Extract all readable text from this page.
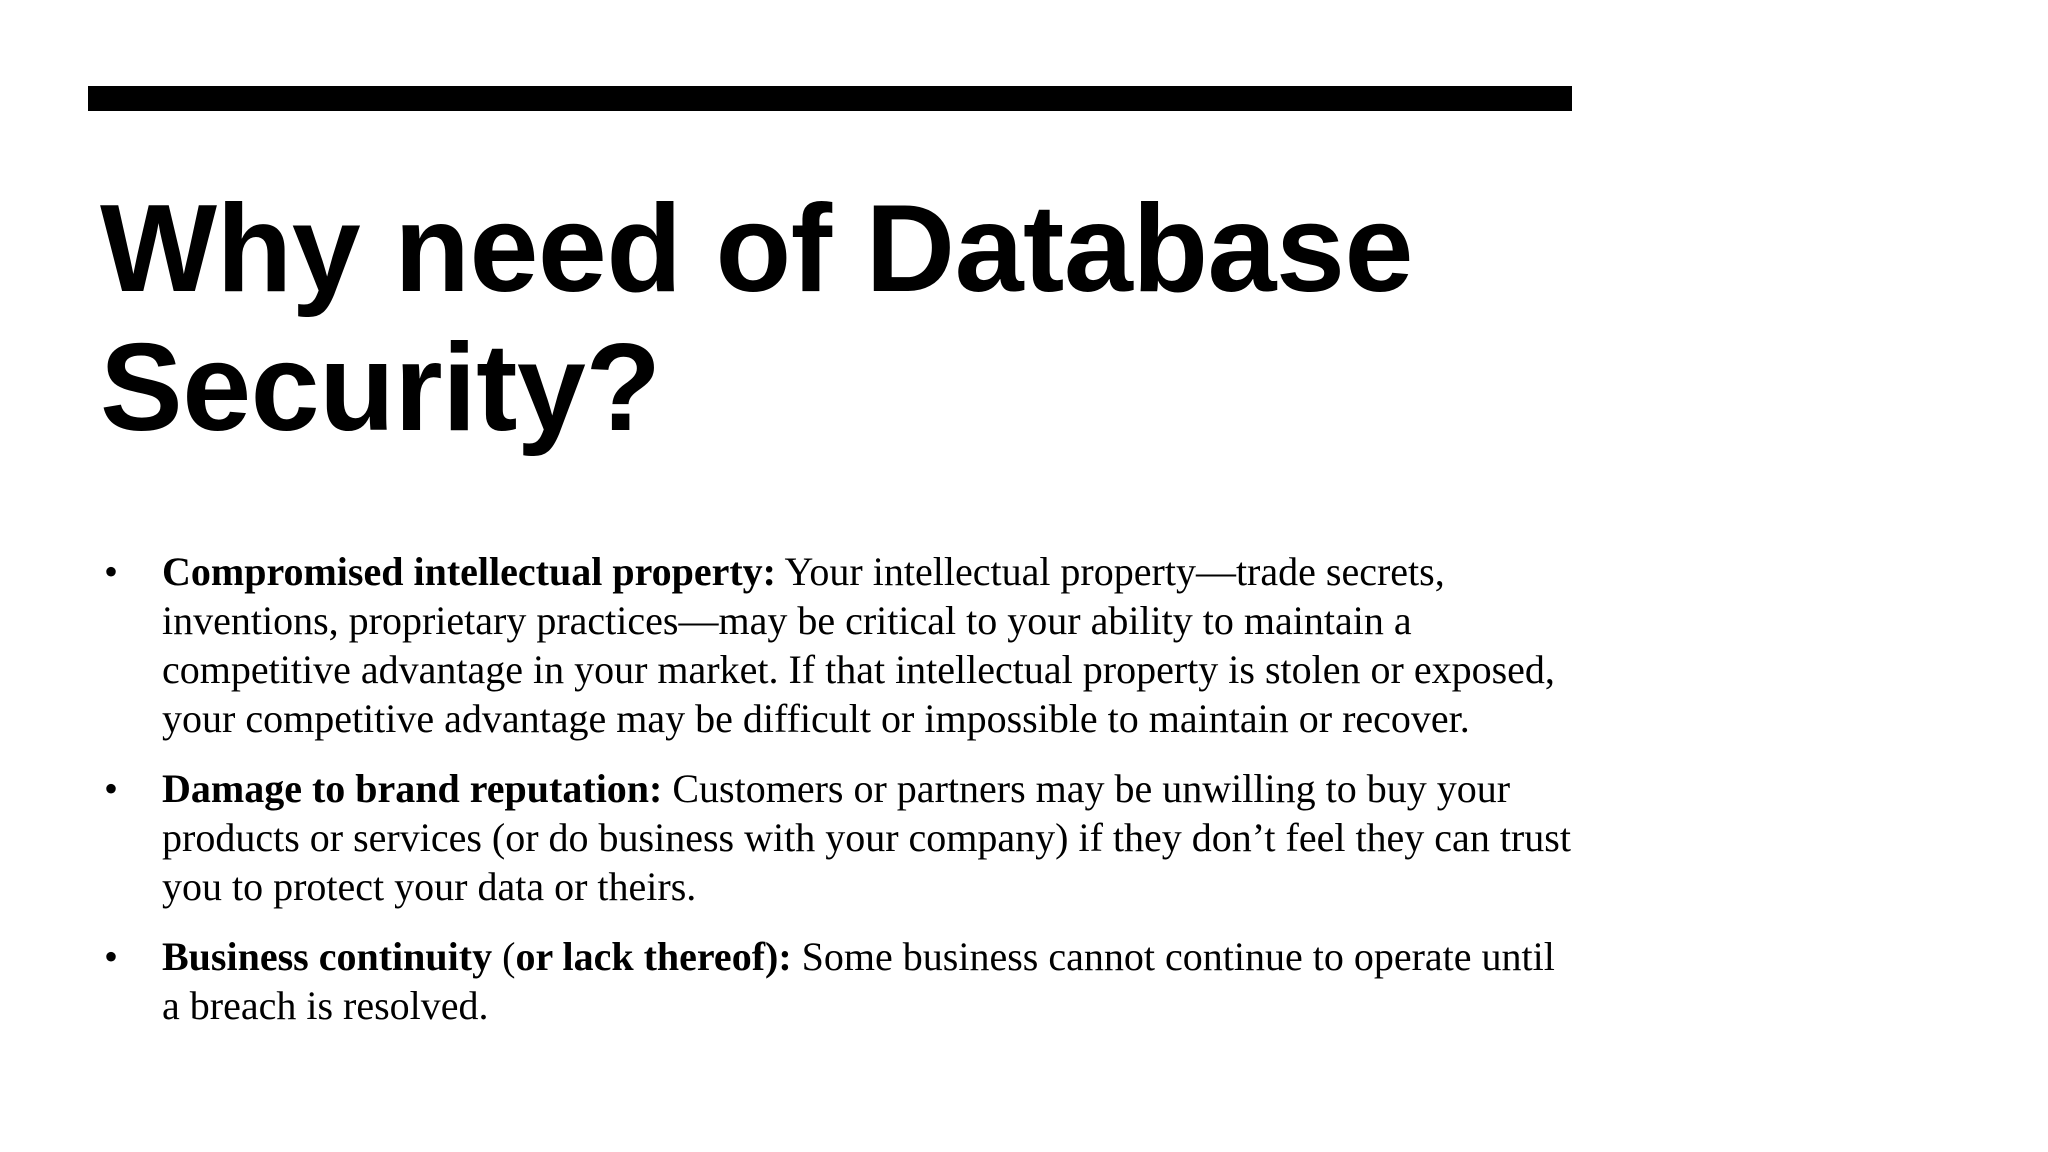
Why need of Database
Security?
• Compromised intellectual property: Your intellectual property—trade secrets,
inventions, proprietary practices—may be critical to your ability to maintain a
competitive advantage in your market. If that intellectual property is stolen or exposed,
your competitive advantage may be difficult or impossible to maintain or recover.
• Damage to brand reputation: Customers or partners may be unwilling to buy your
products or services (or do business with your company) if they don’t feel they can trust
you to protect your data or theirs.
• Business continuity (or lack thereof): Some business cannot continue to operate until
a breach is resolved.
